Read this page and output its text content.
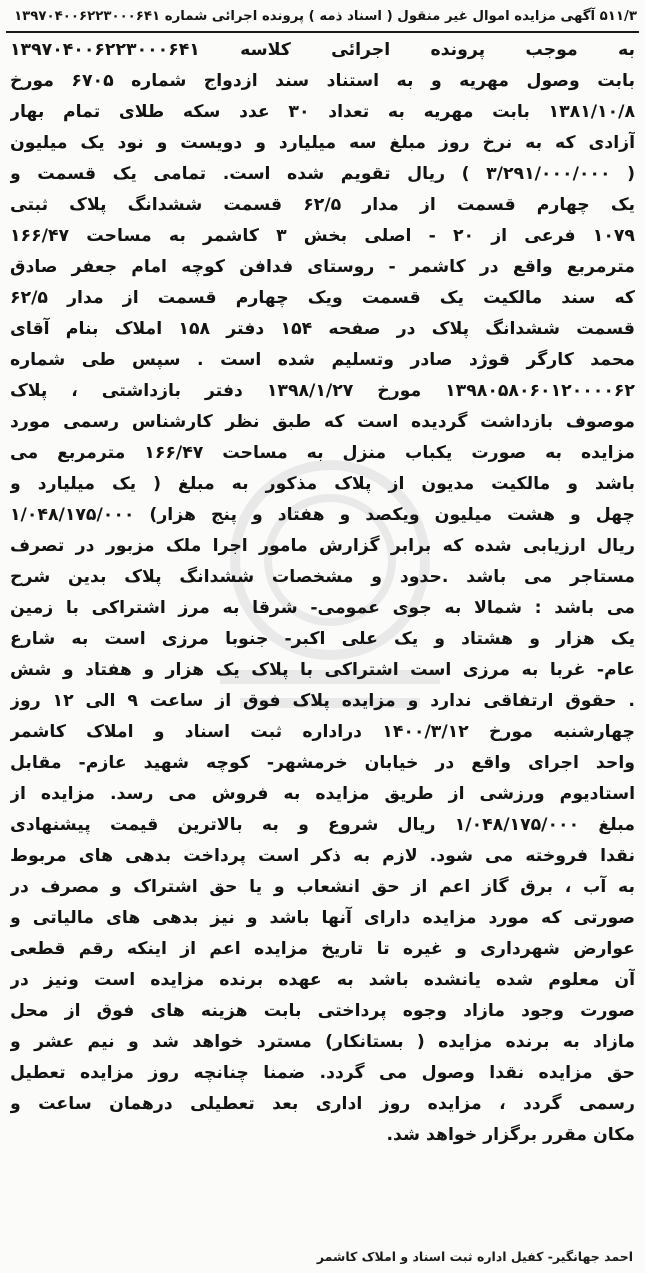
۵۱۱/۳ آگهی مزایده اموال غیر منقول ( اسناد ذمه ) پرونده اجرائی شماره ۱۳۹۷۰۴۰۰۶۲۲۳۰۰۰۶۴۱
به موجب پرونده اجرائی کلاسه ۱۳۹۷۰۴۰۰۶۲۲۳۰۰۰۶۴۱
بابت وصول مهریه و به استناد سند ازدواج شماره ۶۷۰۵ مورخ
۱۳۸۱/۱۰/۸ بابت مهریه به تعداد ۳۰ عدد سکه طلای تمام بهار
آزادی که به نرخ روز مبلغ سه میلیارد و دویست و نود یک میلیون
( ۳/۲۹۱/۰۰۰/۰۰۰ ) ریال تقویم شده است. تمامی یک قسمت و
یک چهارم قسمت از مدار ۶۲/۵ قسمت ششدانگ پلاک ثبتی
۱۰۷۹ فرعی از ۲۰ - اصلی بخش ۳ کاشمر به مساحت ۱۶۶/۴۷
مترمربع واقع در کاشمر - روستای فدافن کوچه امام جعفر صادق
که سند مالکیت یک قسمت ویک چهارم قسمت از مدار ۶۲/۵
قسمت ششدانگ پلاک در صفحه ۱۵۴ دفتر ۱۵۸ املاک بنام آقای
محمد کارگر قوژد صادر وتسلیم شده است . سپس طی شماره
۱۳۹۸۰۵۸۰۶۰۱۲۰۰۰۰۶۲ مورخ ۱۳۹۸/۱/۲۷ دفتر بازداشتی ، پلاک
موصوف بازداشت گردیده است که طبق نظر کارشناس رسمی مورد
مزایده به صورت یکباب منزل به مساحت ۱۶۶/۴۷ مترمربع می
باشد و مالکیت مدیون از پلاک مذکور به مبلغ ( یک میلیارد و
چهل و هشت میلیون ویکصد و هفتاد و پنج هزار) ۱/۰۴۸/۱۷۵/۰۰۰
ریال ارزیابی شده که برابر گزارش مامور اجرا ملک مزبور در تصرف
مستاجر می باشد .حدود و مشخصات ششدانگ پلاک بدین شرح
می باشد : شمالا به جوی عمومی- شرقا به مرز اشتراکی با زمین
یک هزار و هشتاد و یک علی اکبر- جنوبا مرزی است به شارع
عام- غربا به مرزی است اشتراکی با پلاک یک هزار و هفتاد و شش
. حقوق ارتفاقی ندارد و مزایده پلاک فوق از ساعت ۹ الی ۱۲ روز
چهارشنبه مورخ ۱۴۰۰/۳/۱۲ دراداره ثبت اسناد و املاک کاشمر
واحد اجرای واقع در خیابان خرمشهر- کوچه شهید عازم- مقابل
استادیوم ورزشی از طریق مزایده به فروش می رسد. مزایده از
مبلغ ۱/۰۴۸/۱۷۵/۰۰۰ ریال شروع و به بالاترین قیمت پیشنهادی
نقدا فروخته می شود. لازم به ذکر است پرداخت بدهی های مربوط
به آب ، برق گاز اعم از حق انشعاب و یا حق اشتراک و مصرف در
صورتی که مورد مزایده دارای آنها باشد و نیز بدهی های مالیاتی و
عوارض شهرداری و غیره تا تاریخ مزایده اعم از اینکه رقم قطعی
آن معلوم شده یانشده باشد به عهده برنده مزایده است ونیز در
صورت وجود مازاد وجوه پرداختی بابت هزینه های فوق از محل
مازاد به برنده مزایده ( بستانکار) مسترد خواهد شد و نیم عشر و
حق مزایده نقدا وصول می گردد. ضمنا چنانچه روز مزایده تعطیل
رسمی گردد ، مزایده روز اداری بعد تعطیلی درهمان ساعت و
مکان مقرر برگزار خواهد شد.
احمد جهانگیر- کفیل اداره ثبت اسناد و املاک کاشمر
